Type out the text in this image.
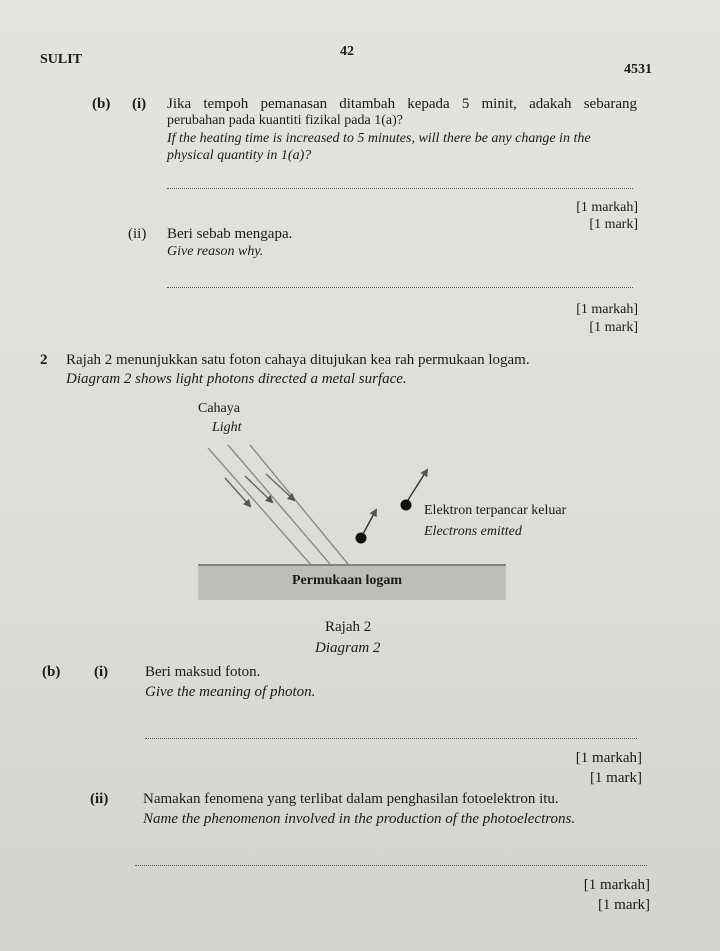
SULIT
42
4531
(b) (i) Jika tempoh pemanasan ditambah kepada 5 minit, adakah sebarang
perubahan pada kuantiti fizikal pada 1(a)?
If the heating time is increased to 5 minutes, will there be any change in the
physical quantity in 1(a)?
[1 markah]
[1 mark]
(ii) Beri sebab mengapa.
Give reason why.
[1 markah]
[1 mark]
2 Rajah 2 menunjukkan satu foton cahaya ditujukan kea rah permukaan logam.
Diagram 2 shows light photons directed a metal surface.
Cahaya
Light
Elektron terpancar keluar
Electrons emitted
Permukaan logam
Rajah 2
Diagram 2
(b) (i) Beri maksud foton.
Give the meaning of photon.
[1 markah]
[1 mark]
(ii) Namakan fenomena yang terlibat dalam penghasilan fotoelektron itu.
Name the phenomenon involved in the production of the photoelectrons.
[1 markah]
[1 mark]
